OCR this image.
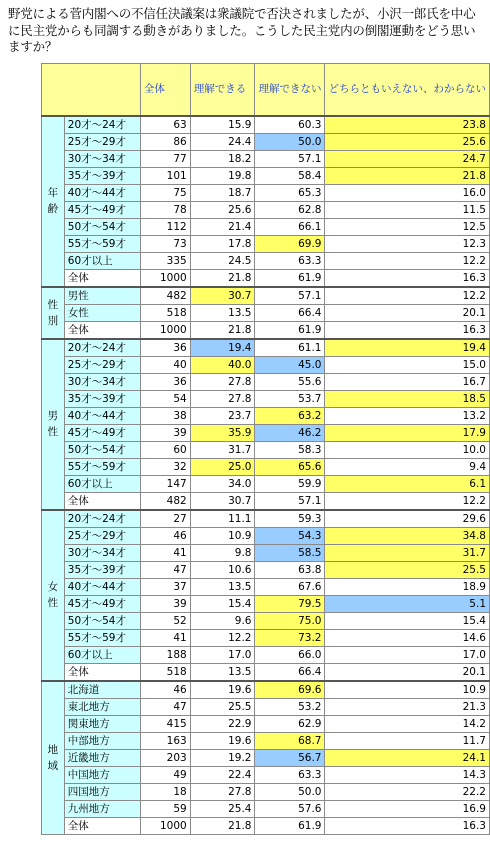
野党による菅内閣への不信任決議案は衆議院で否決されましたが、小沢一郎氏を中心に民主党からも同調する動きがありました。こうした民主党内の倒閣運動をどう思いますか？
		全体	理解できる	理解できない	どちらともいえない、わからない

年
齢	20才～24才	63	15.9	60.3	23.8
	25才～29才	86	24.4	50.0	25.6
	30才～34才	77	18.2	57.1	24.7
	35才～39才	101	19.8	58.4	21.8
	40才～44才	75	18.7	65.3	16.0
	45才～49才	78	25.6	62.8	11.5
	50才～54才	112	21.4	66.1	12.5
	55才～59才	73	17.8	69.9	12.3
	60才以上	335	24.5	63.3	12.2
	全体	1000	21.8	61.9	16.3

性
別	男性	482	30.7	57.1	12.2
	女性	518	13.5	66.4	20.1
	全体	1000	21.8	61.9	16.3

男
性	20才～24才	36	19.4	61.1	19.4
	25才～29才	40	40.0	45.0	15.0
	30才～34才	36	27.8	55.6	16.7
	35才～39才	54	27.8	53.7	18.5
	40才～44才	38	23.7	63.2	13.2
	45才～49才	39	35.9	46.2	17.9
	50才～54才	60	31.7	58.3	10.0
	55才～59才	32	25.0	65.6	9.4
	60才以上	147	34.0	59.9	6.1
	全体	482	30.7	57.1	12.2

女
性	20才～24才	27	11.1	59.3	29.6
	25才～29才	46	10.9	54.3	34.8
	30才～34才	41	9.8	58.5	31.7
	35才～39才	47	10.6	63.8	25.5
	40才～44才	37	13.5	67.6	18.9
	45才～49才	39	15.4	79.5	5.1
	50才～54才	52	9.6	75.0	15.4
	55才～59才	41	12.2	73.2	14.6
	60才以上	188	17.0	66.0	17.0
	全体	518	13.5	66.4	20.1

地
域	北海道	46	19.6	69.6	10.9
	東北地方	47	25.5	53.2	21.3
	関東地方	415	22.9	62.9	14.2
	中部地方	163	19.6	68.7	11.7
	近畿地方	203	19.2	56.7	24.1
	中国地方	49	22.4	63.3	14.3
	四国地方	18	27.8	50.0	22.2
	九州地方	59	25.4	57.6	16.9
	全体	1000	21.8	61.9	16.3
